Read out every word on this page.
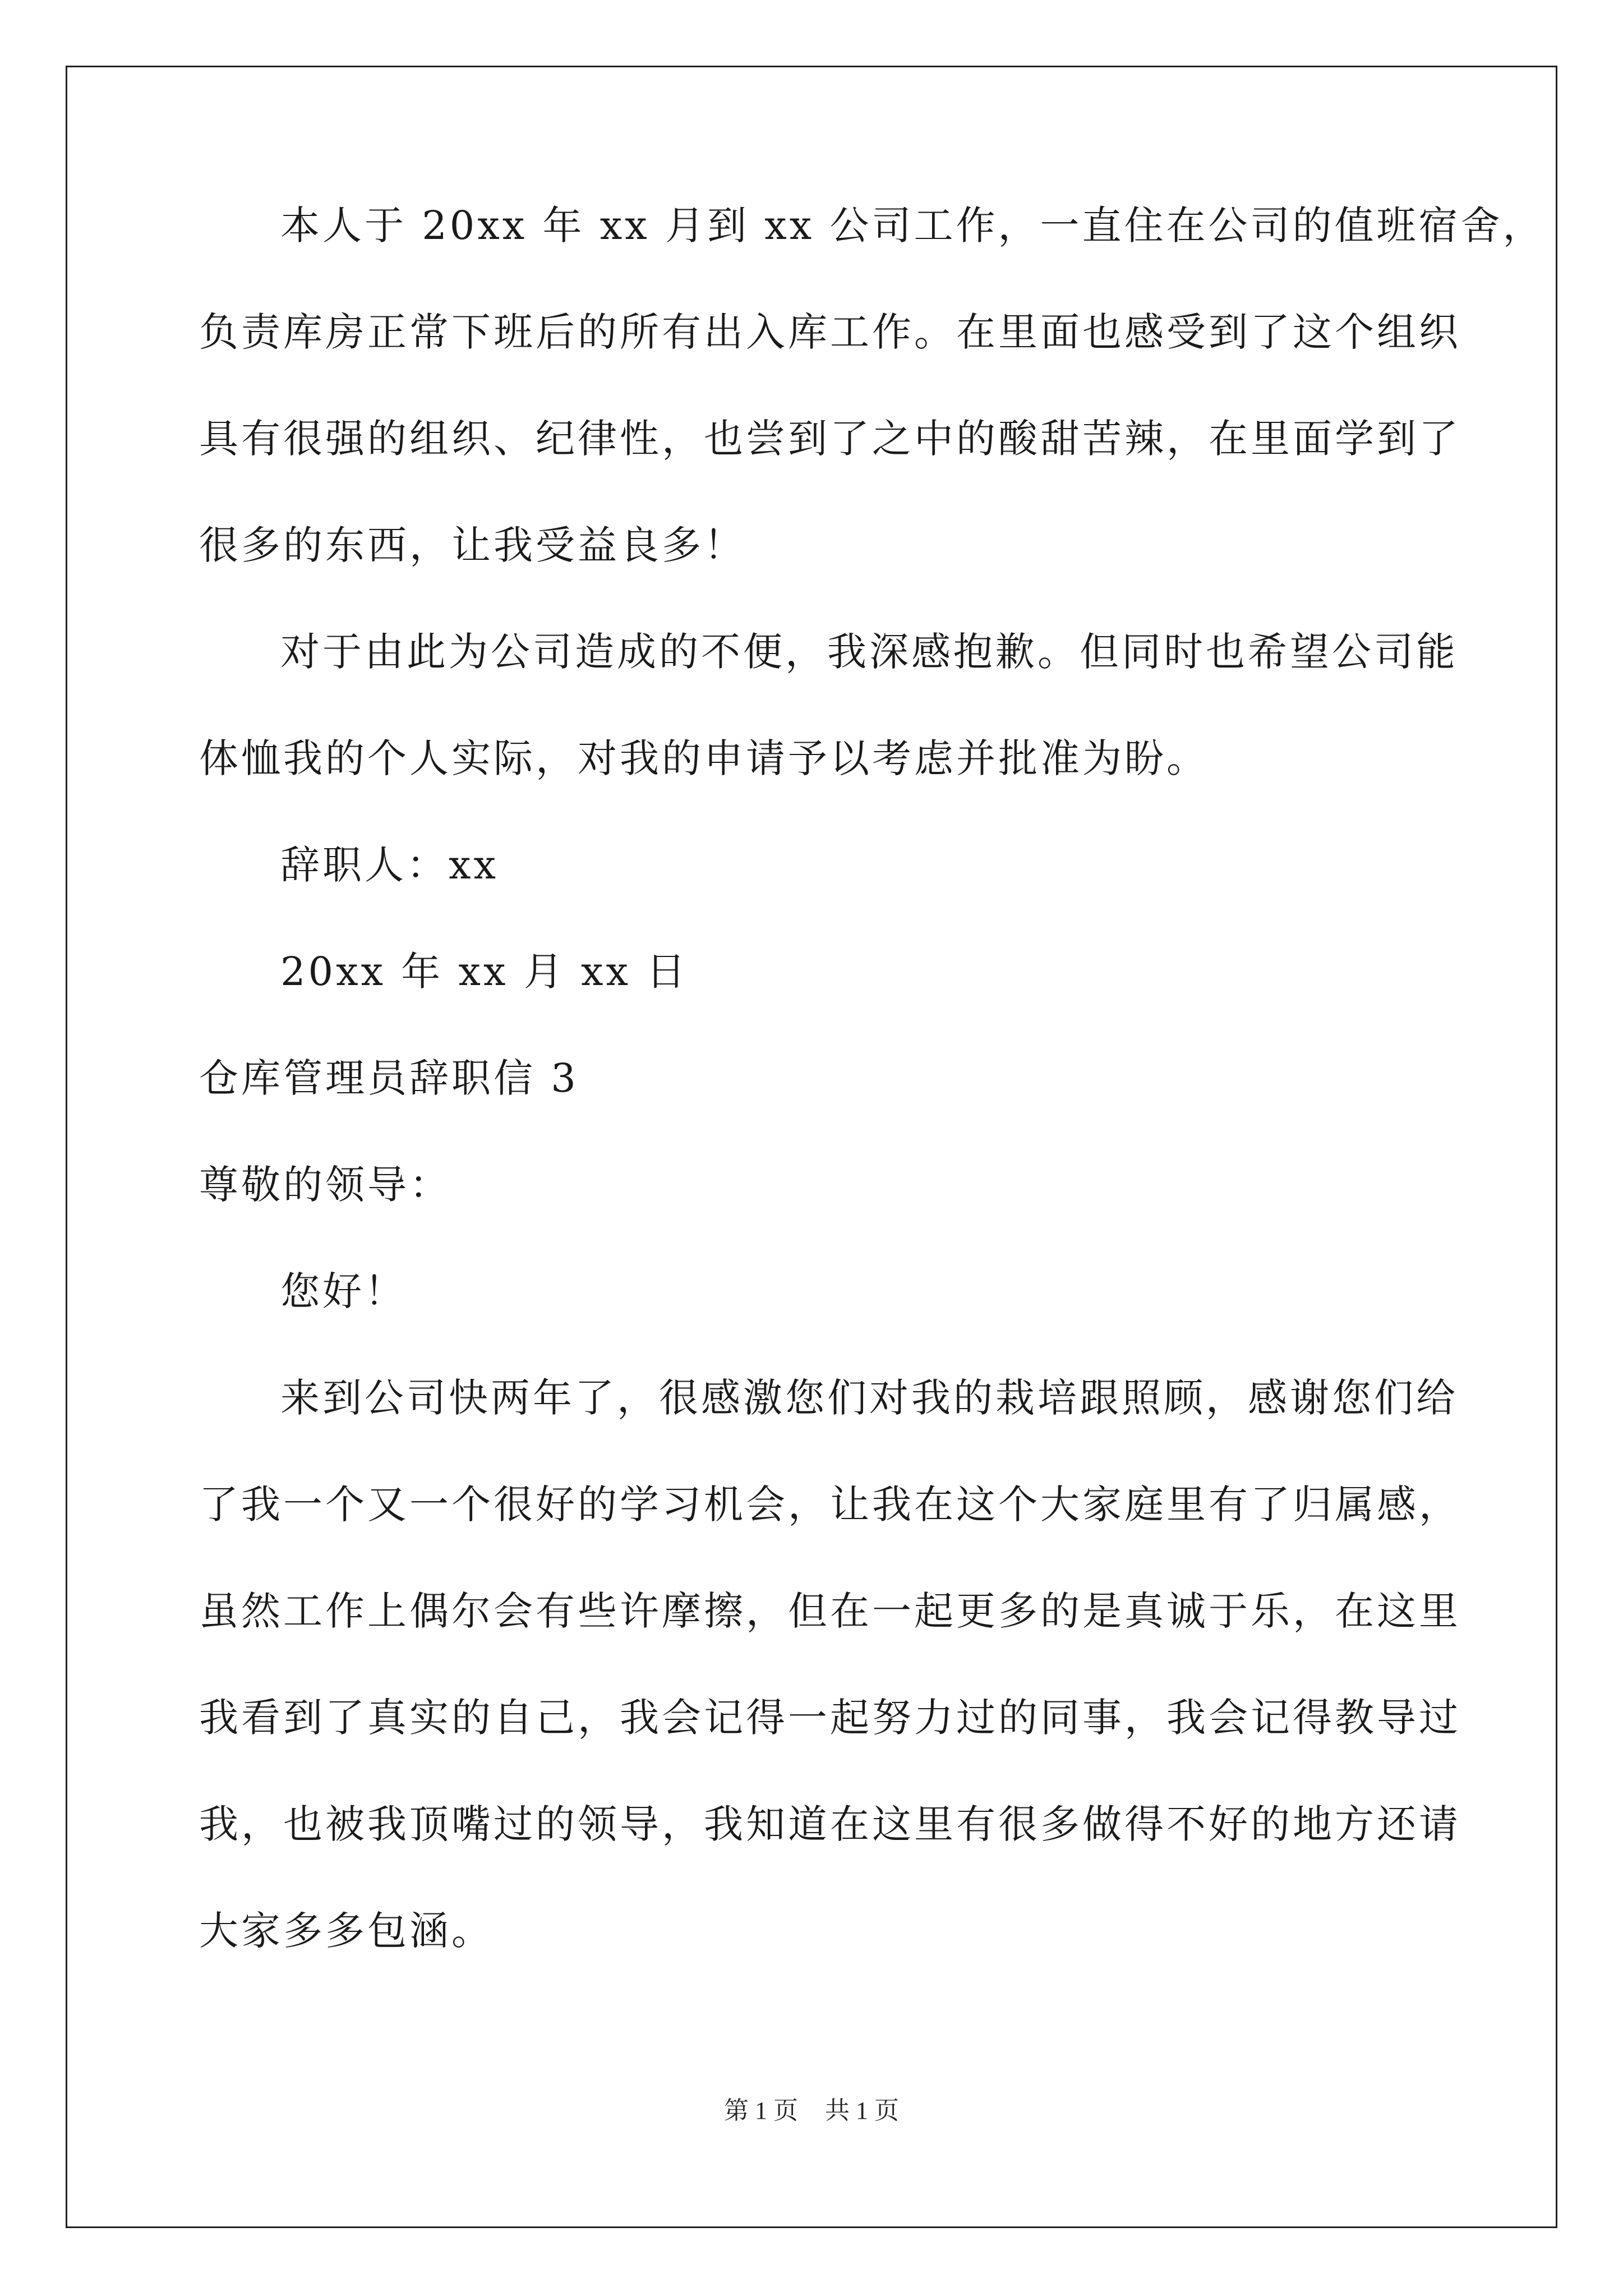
本人于 20xx 年 xx 月到 xx 公司工作，一直住在公司的值班宿舍，
负责库房正常下班后的所有出入库工作。在里面也感受到了这个组织
具有很强的组织、纪律性，也尝到了之中的酸甜苦辣，在里面学到了
很多的东西，让我受益良多！
对于由此为公司造成的不便，我深感抱歉。但同时也希望公司能
体恤我的个人实际，对我的申请予以考虑并批准为盼。
辞职人：xx
20xx 年 xx 月 xx 日
仓库管理员辞职信 3
尊敬的领导：
您好！
来到公司快两年了，很感激您们对我的栽培跟照顾，感谢您们给
了我一个又一个很好的学习机会，让我在这个大家庭里有了归属感，
虽然工作上偶尔会有些许摩擦，但在一起更多的是真诚于乐，在这里
我看到了真实的自己，我会记得一起努力过的同事，我会记得教导过
我，也被我顶嘴过的领导，我知道在这里有很多做得不好的地方还请
大家多多包涵。
第 1 页 共 1 页
